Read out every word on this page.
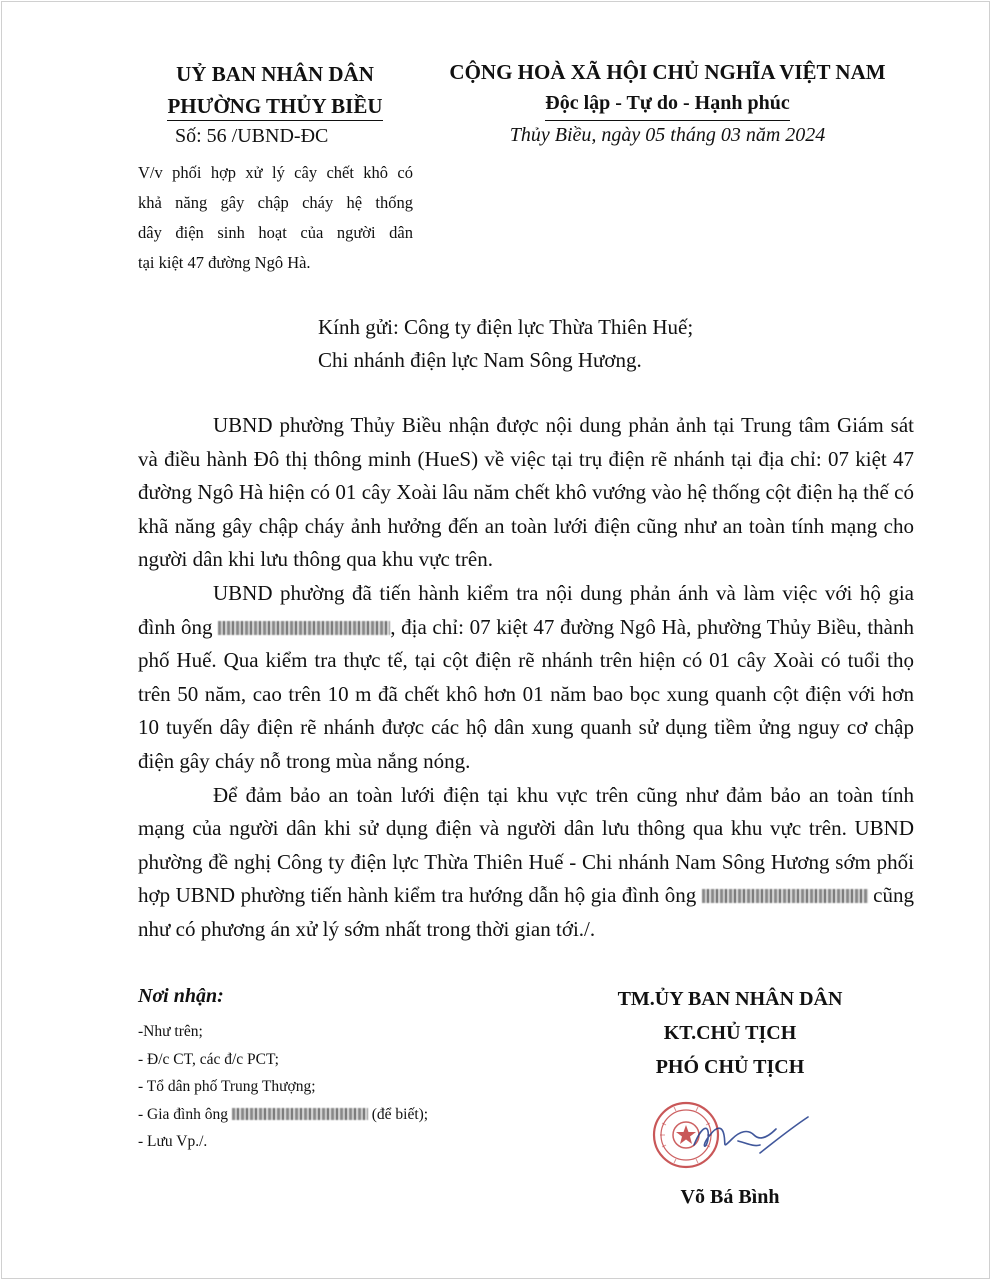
UỶ BAN NHÂN DÂN
PHƯỜNG THỦY BIỀU
Số: 56 /UBND-ĐC
V/v phối hợp xử lý cây chết khô có
khả năng gây chập cháy hệ thống
dây điện sinh hoạt của người dân
tại kiệt 47 đường Ngô Hà.
CỘNG HOÀ XÃ HỘI CHỦ NGHĨA VIỆT NAM
Độc lập - Tự do - Hạnh phúc
Thủy Biều, ngày 05 tháng 03 năm 2024
Kính gửi: Công ty điện lực Thừa Thiên Huế;
Chi nhánh điện lực Nam Sông Hương.

UBND phường Thủy Biều nhận được nội dung phản ảnh tại Trung tâm Giám sát và điều hành Đô thị thông minh (HueS) về việc tại trụ điện rẽ nhánh tại địa chỉ: 07 kiệt 47 đường Ngô Hà hiện có 01 cây Xoài lâu năm chết khô vướng vào hệ thống cột điện hạ thế có khã năng gây chập cháy ảnh hưởng đến an toàn lưới điện cũng như an toàn tính mạng cho người dân khi lưu thông qua khu vực trên.

UBND phường đã tiến hành kiểm tra nội dung phản ánh và làm việc với hộ gia đình ông	, địa chỉ: 07 kiệt 47 đường Ngô Hà, phường Thủy Biều, thành phố Huế. Qua kiểm tra thực tế, tại cột điện rẽ nhánh trên hiện có 01 cây Xoài có tuổi thọ trên 50 năm, cao trên 10 m đã chết khô hơn 01 năm bao bọc xung quanh cột điện với hơn 10 tuyến dây điện rẽ nhánh được các hộ dân xung quanh sử dụng tiềm ửng nguy cơ chập điện gây cháy nỗ trong mùa nắng nóng.

Để đảm bảo an toàn lưới điện tại khu vực trên cũng như đảm bảo an toàn tính mạng của người dân khi sử dụng điện và người dân lưu thông qua khu vực trên. UBND phường đề nghị Công ty điện lực Thừa Thiên Huế - Chi nhánh Nam Sông Hương sớm phối hợp UBND phường tiến hành kiểm tra hướng dẫn hộ gia đình ông	cũng như có phương án xử lý sớm nhất trong thời gian tới./.

Nơi nhận:
-Như trên;
- Đ/c CT, các đ/c PCT;
- Tổ dân phố Trung Thượng;
- Gia đình ông	(để biết);
- Lưu Vp./.
TM.ỦY BAN NHÂN DÂN
KT.CHỦ TỊCH
PHÓ CHỦ TỊCH
Võ Bá Bình
